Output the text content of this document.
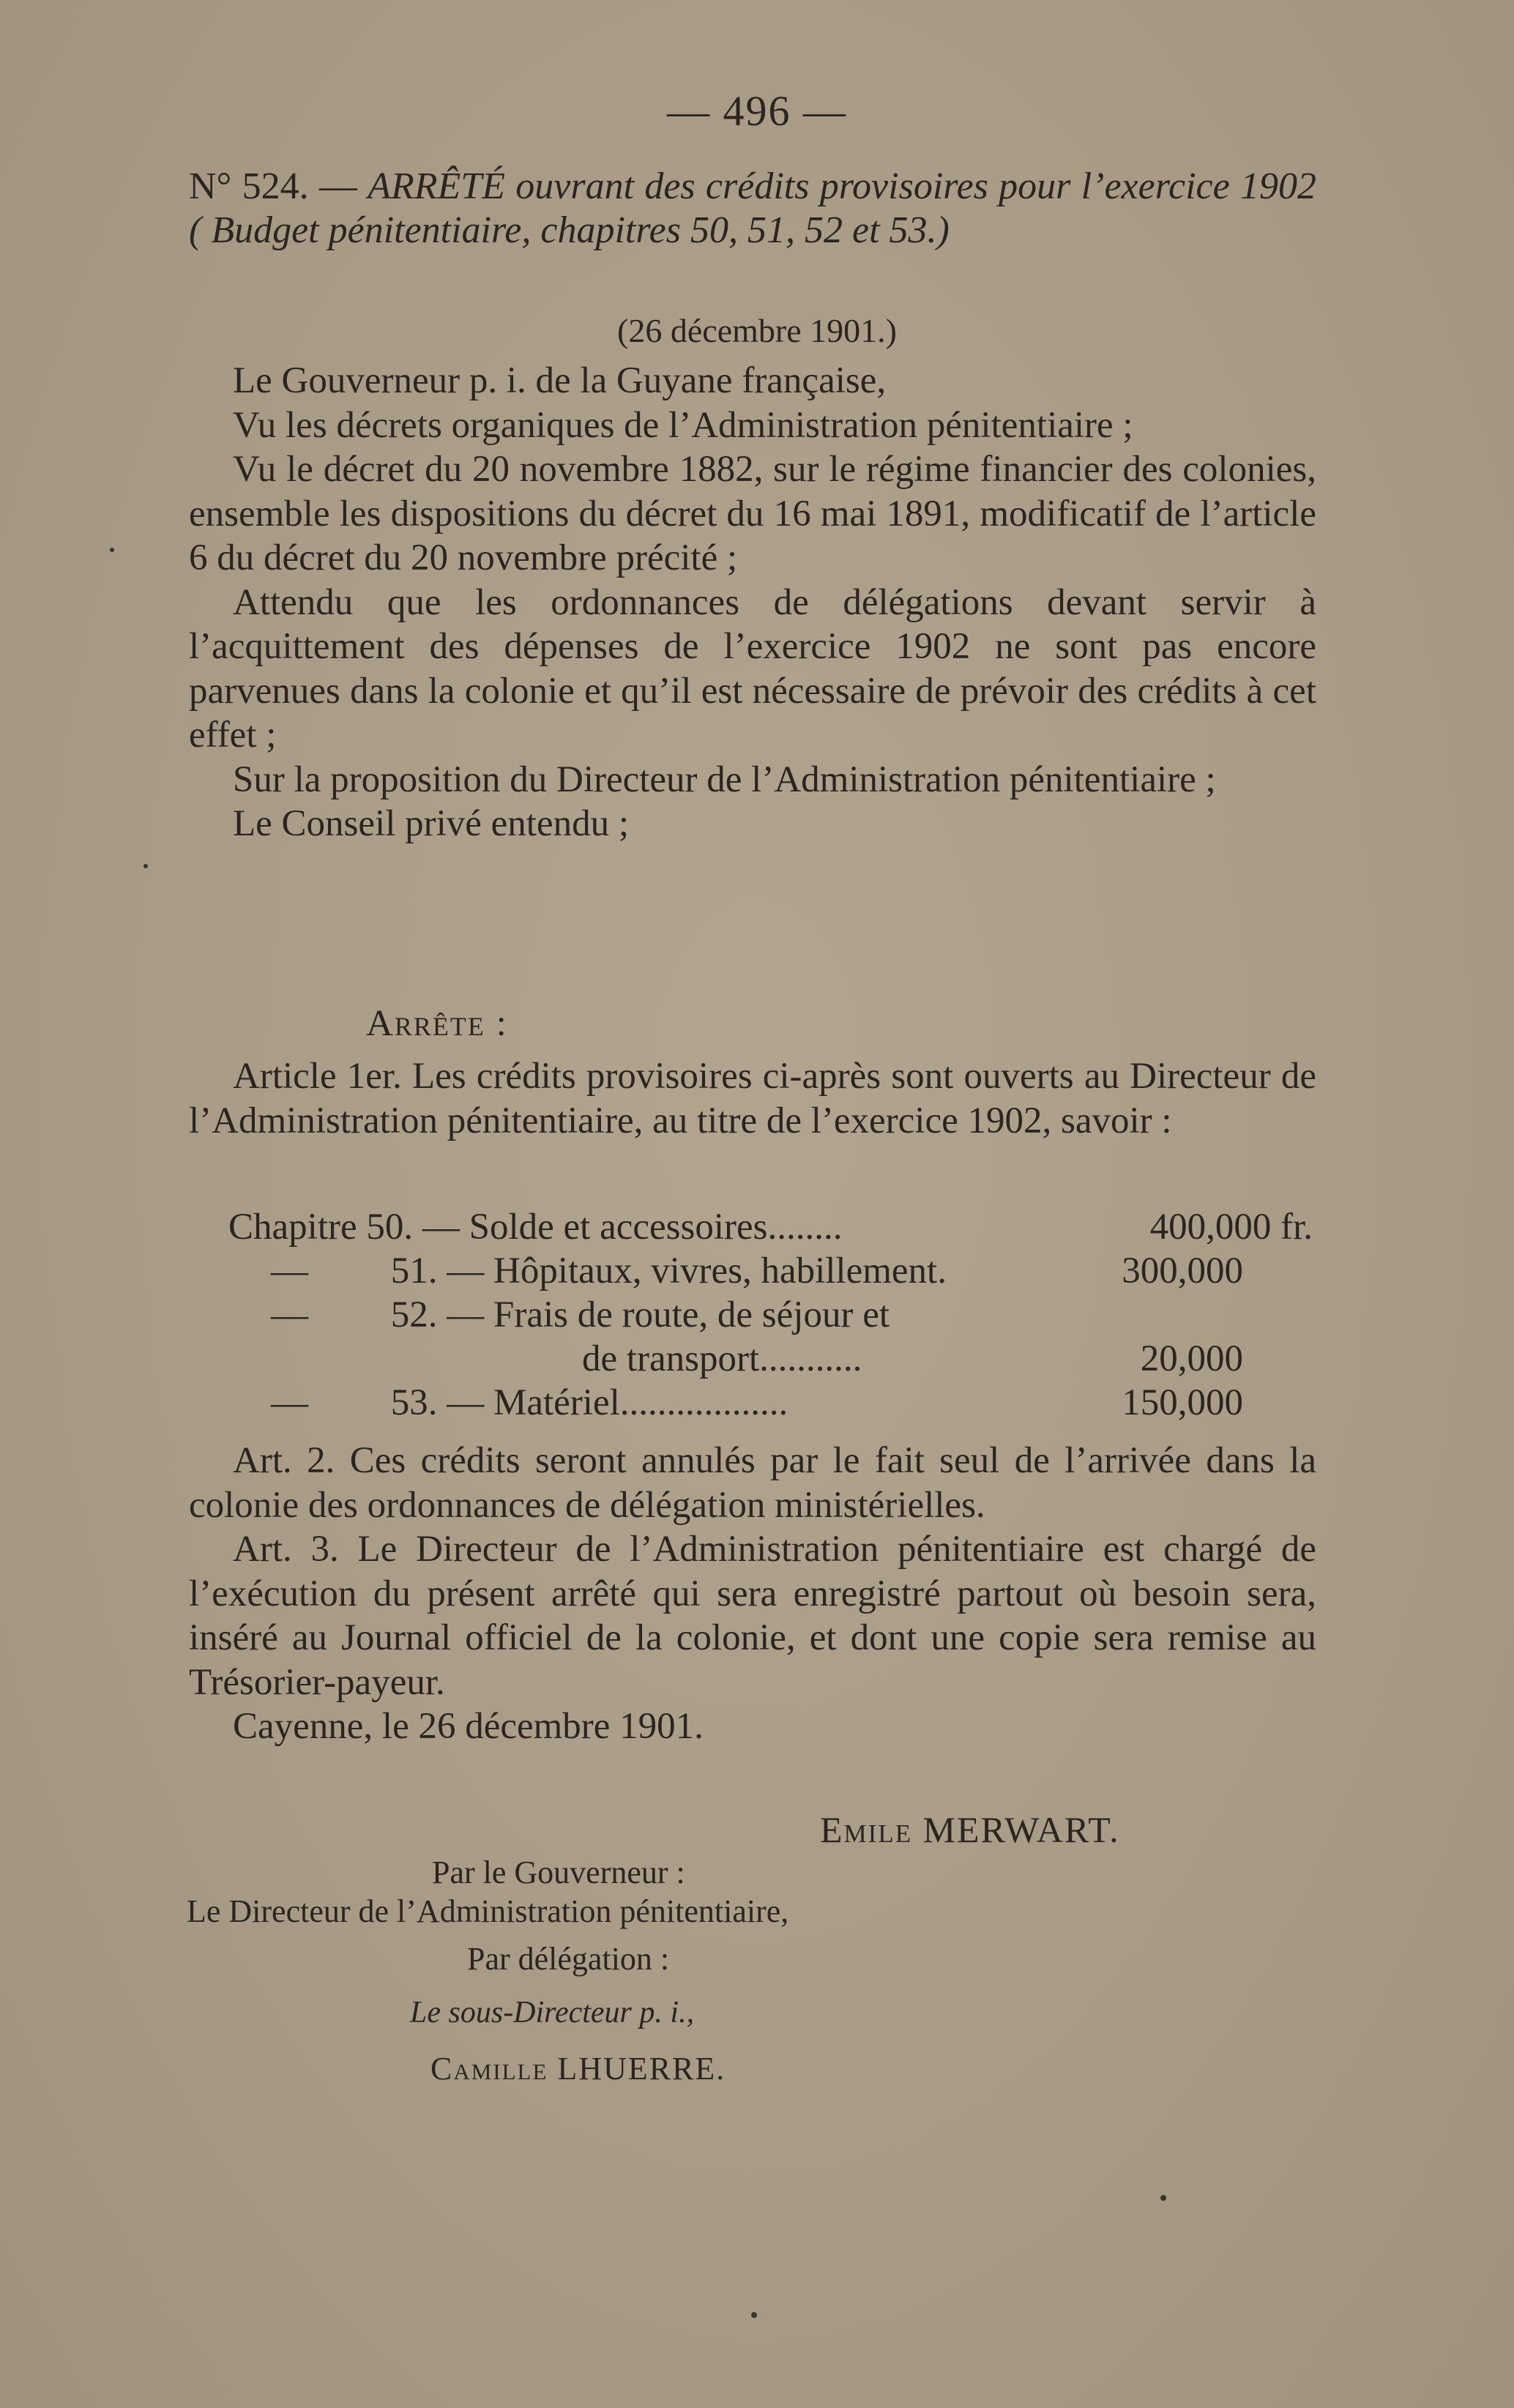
— 496 —
N° 524. — ARRÊTÉ ouvrant des crédits provisoires pour l’exercice 1902 ( Budget pénitentiaire, chapitres 50, 51, 52 et 53.)
(26 décembre 1901.)

Le Gouverneur p. i. de la Guyane française,

Vu les décrets organiques de l’Administration pénitentiaire ;

Vu le décret du 20 novembre 1882, sur le régime financier des colonies, ensemble les dispositions du décret du 16 mai 1891, modificatif de l’article 6 du décret du 20 novembre précité ;

Attendu que les ordonnances de délégations devant servir à l’acquittement des dépenses de l’exercice 1902 ne sont pas encore parvenues dans la colonie et qu’il est nécessaire de prévoir des crédits à cet effet ;

Sur la proposition du Directeur de l’Administration pénitentiaire ;

Le Conseil privé entendu ;

Arrête :

Article 1er. Les crédits provisoires ci-après sont ouverts au Directeur de l’Administration pénitentiaire, au titre de l’exercice 1902, savoir :

Chapitre 50. — Solde et accessoires........	400,000 fr.
— 51. — Hôpitaux, vivres, habillement.	300,000
— 52. — Frais de route, de séjour et
de transport...........	20,000
— 53. — Matériel..................	150,000

Art. 2. Ces crédits seront annulés par le fait seul de l’arrivée dans la colonie des ordonnances de délégation ministérielles.

Art. 3. Le Directeur de l’Administration pénitentiaire est chargé de l’exécution du présent arrêté qui sera enregistré partout où besoin sera, inséré au Journal officiel de la colonie, et dont une copie sera remise au Trésorier-payeur.

Cayenne, le 26 décembre 1901.

Emile MERWART.
Par le Gouverneur :
Le Directeur de l’Administration pénitentiaire,
Par délégation :
Le sous-Directeur p. i.,
Camille LHUERRE.
